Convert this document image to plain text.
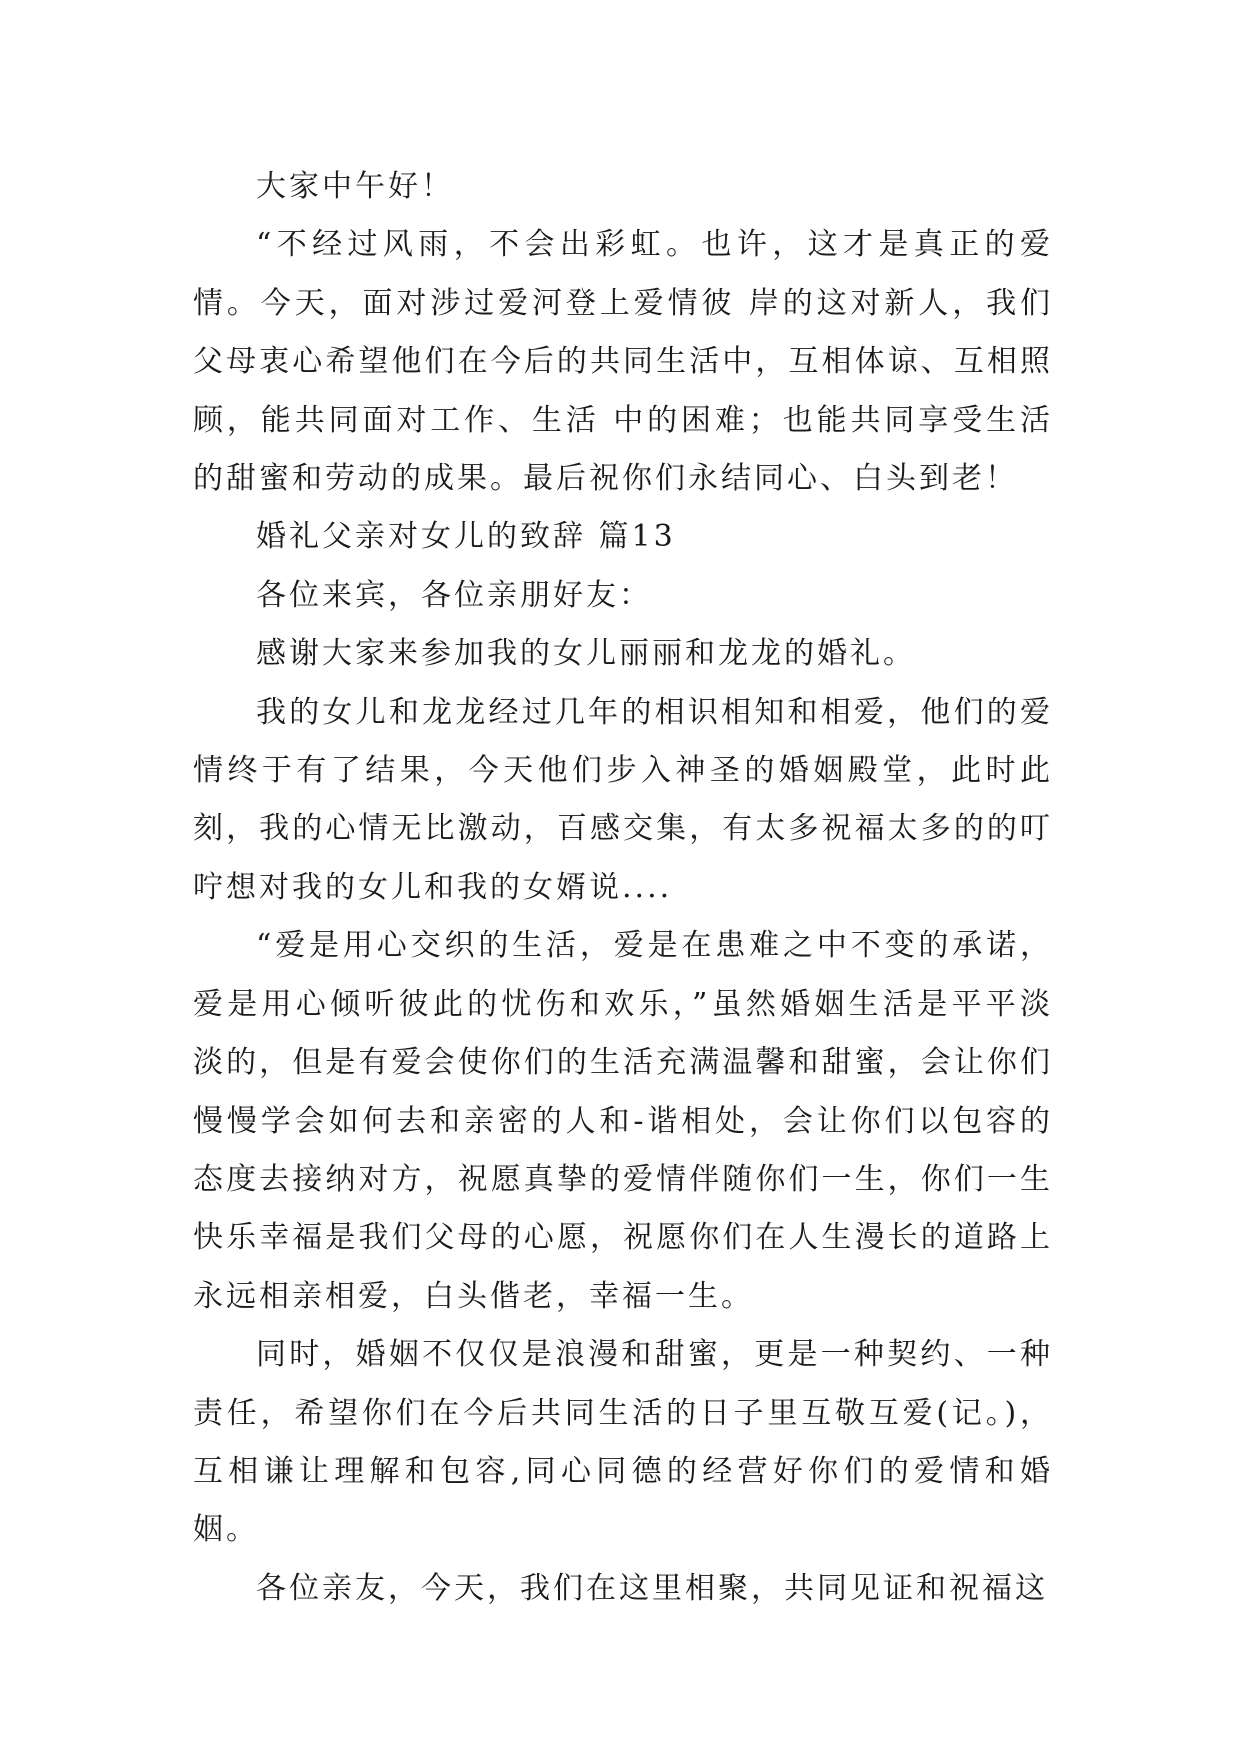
大家中午好！

“不经过风雨，不会出彩虹。也许，这才是真正的爱情。今天，面对涉过爱河登上爱情彼 岸的这对新人，我们父母衷心希望他们在今后的共同生活中，互相体谅、互相照顾，能共同面对工作、生活 中的困难；也能共同享受生活的甜蜜和劳动的成果。最后祝你们永结同心、白头到老！

婚礼父亲对女儿的致辞 篇13

各位来宾，各位亲朋好友：

感谢大家来参加我的女儿丽丽和龙龙的婚礼。

我的女儿和龙龙经过几年的相识相知和相爱，他们的爱情终于有了结果，今天他们步入神圣的婚姻殿堂，此时此刻，我的心情无比激动，百感交集，有太多祝福太多的的叮咛想对我的女儿和我的女婿说....

“爱是用心交织的生活，爱是在患难之中不变的承诺，爱是用心倾听彼此的忧伤和欢乐，”虽然婚姻生活是平平淡淡的，但是有爱会使你们的生活充满温馨和甜蜜，会让你们慢慢学会如何去和亲密的人和-谐相处，会让你们以包容的态度去接纳对方，祝愿真挚的爱情伴随你们一生，你们一生快乐幸福是我们父母的心愿，祝愿你们在人生漫长的道路上永远相亲相爱，白头偕老，幸福一生。

同时，婚姻不仅仅是浪漫和甜蜜，更是一种契约、一种责任，希望你们在今后共同生活的日子里互敬互爱(记。)，互相谦让理解和包容,同心同德的经营好你们的爱情和婚姻。

各位亲友，今天，我们在这里相聚，共同见证和祝福这
